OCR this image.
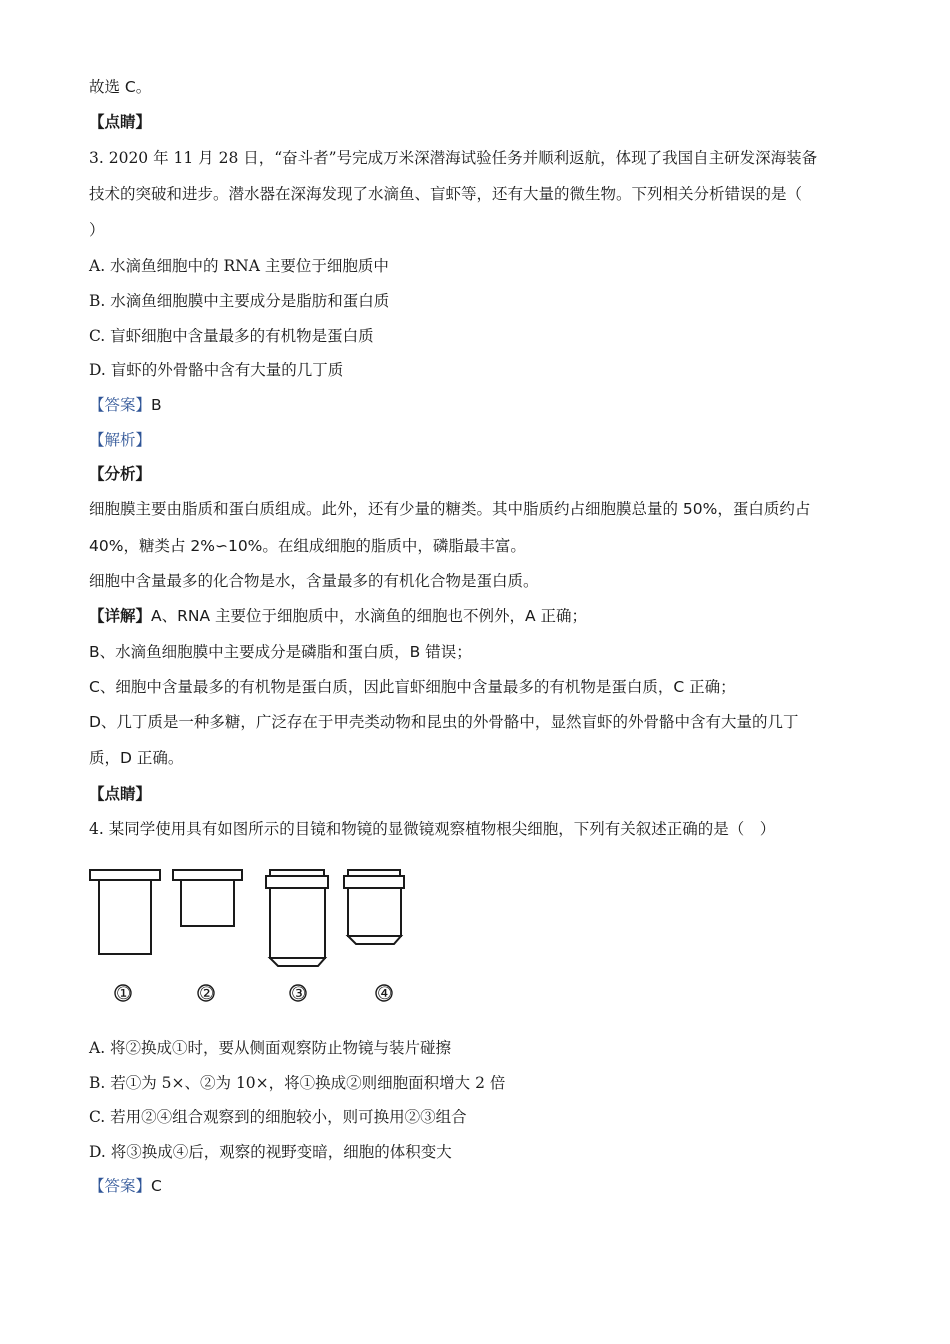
故选 C。
【点睛】
3. 2020 年 11 月 28 日，“奋斗者”号完成万米深潜海试验任务并顺利返航，体现了我国自主研发深海装备
技术的突破和进步。潜水器在深海发现了水滴鱼、盲虾等，还有大量的微生物。下列相关分析错误的是（
）
A. 水滴鱼细胞中的 RNA 主要位于细胞质中
B. 水滴鱼细胞膜中主要成分是脂肪和蛋白质
C. 盲虾细胞中含量最多的有机物是蛋白质
D. 盲虾的外骨骼中含有大量的几丁质
【答案】B
【解析】
【分析】
细胞膜主要由脂质和蛋白质组成。此外，还有少量的糖类。其中脂质约占细胞膜总量的 50%，蛋白质约占
40%，糖类占 2%∽10%。在组成细胞的脂质中，磷脂最丰富。
细胞中含量最多的化合物是水，含量最多的有机化合物是蛋白质。
【详解】A、RNA 主要位于细胞质中，水滴鱼的细胞也不例外，A 正确；
B、水滴鱼细胞膜中主要成分是磷脂和蛋白质，B 错误；
C、细胞中含量最多的有机物是蛋白质，因此盲虾细胞中含量最多的有机物是蛋白质，C 正确；
D、几丁质是一种多糖，广泛存在于甲壳类动物和昆虫的外骨骼中，显然盲虾的外骨骼中含有大量的几丁
质，D 正确。
【点睛】
4. 某同学使用具有如图所示的目镜和物镜的显微镜观察植物根尖细胞，下列有关叙述正确的是（　）
①	②	③	④
A. 将②换成①时，要从侧面观察防止物镜与装片碰擦
B. 若①为 5×、②为 10×，将①换成②则细胞面积增大 2 倍
C. 若用②④组合观察到的细胞较小，则可换用②③组合
D. 将③换成④后，观察的视野变暗，细胞的体积变大
【答案】C
